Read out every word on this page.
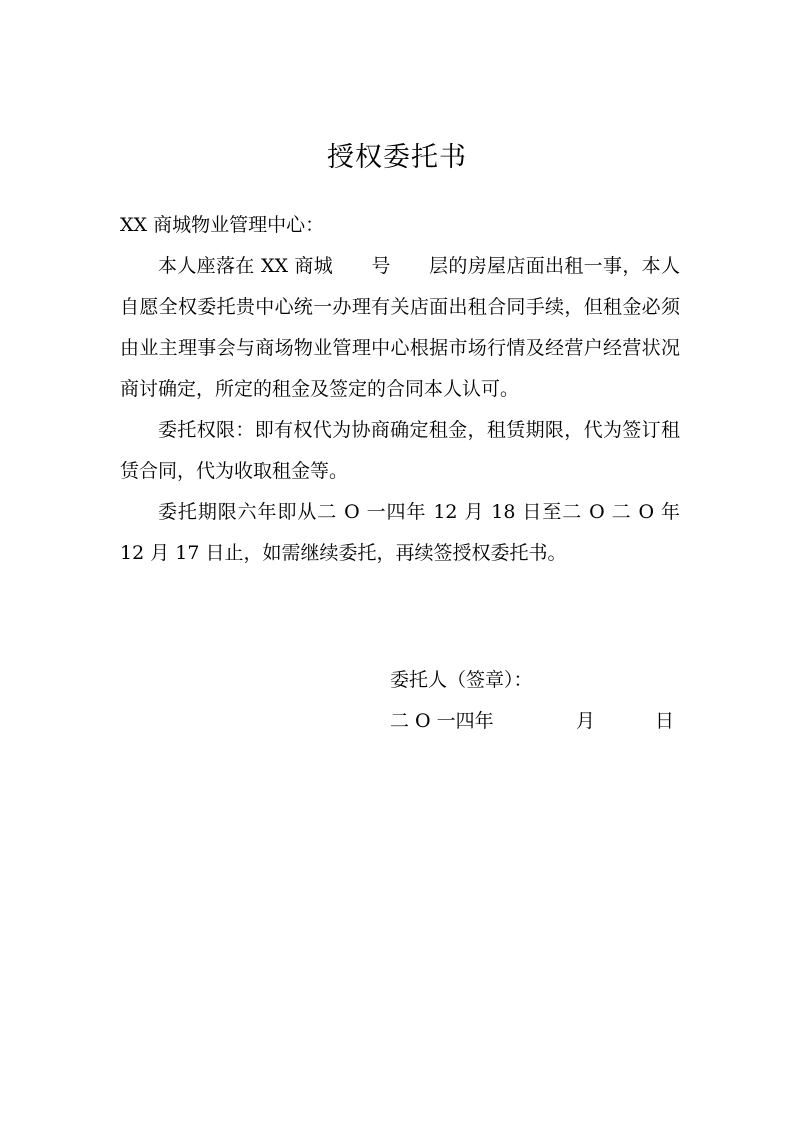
授权委托书

XX 商城物业管理中心：

本人座落在 XX 商城 号 层的房屋店面出租一事，本人自愿全权委托贵中心统一办理有关店面出租合同手续，但租金必须由业主理事会与商场物业管理中心根据市场行情及经营户经营状况商讨确定，所定的租金及签定的合同本人认可。

委托权限：即有权代为协商确定租金，租赁期限，代为签订租赁合同，代为收取租金等。

委托期限六年即从二 O 一四年 12 月 18 日至二 O 二 O 年 12 月 17 日止，如需继续委托，再续签授权委托书。

委托人（签章）：
二 O 一四年	月	日
